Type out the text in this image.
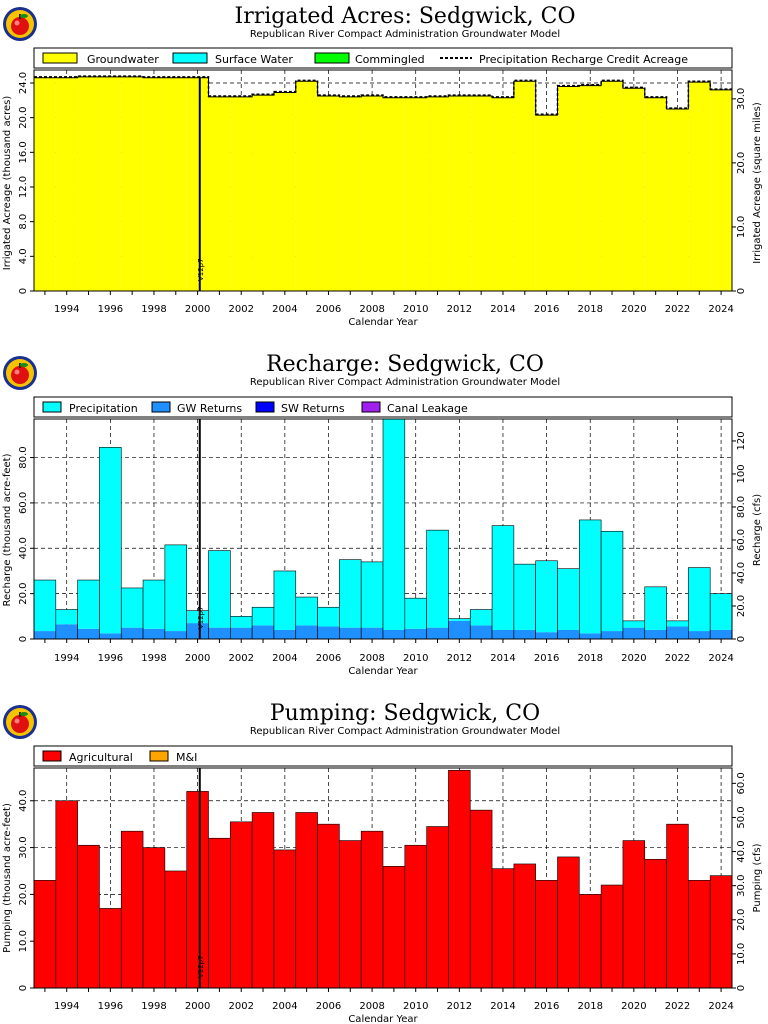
Irrigated Acres: Sedgwick, CO
Republican River Compact Administration Groundwater Model
V12p7
0
4.0
8.0
12.0
16.0
20.0
24.0
0
10.0
20.0
30.0
1994 1996 1998 2000 2002 2004 2006 2008 2010 2012 2014 2016 2018 2020 2022 2024
Groundwater	Surface Water	Commingled	Precipitation Recharge Credit Acreage
Calendar Year
Irrigated Acreage (thousand acres)	Irrigated Acreage (square miles)
Recharge: Sedgwick, CO
Republican River Compact Administration Groundwater Model
V12p7
0
20.0
40.0
60.0
80.0
0
20.0
40.0
60.0
80.0
100
120
1994 1996 1998 2000 2002 2004 2006 2008 2010 2012 2014 2016 2018 2020 2022 2024
Precipitation	GW Returns	SW Returns	Canal Leakage
Calendar Year
Recharge (thousand acre-feet)	Recharge (cfs)
Pumping: Sedgwick, CO
Republican River Compact Administration Groundwater Model
V12p7
0
10.0
20.0
30.0
40.0
0
10.0
20.0
30.0
40.0
50.0
60.0
1994 1996 1998 2000 2002 2004 2006 2008 2010 2012 2014 2016 2018 2020 2022 2024
Agricultural	M&I
Calendar Year
Pumping (thousand acre-feet)	Pumping (cfs)
